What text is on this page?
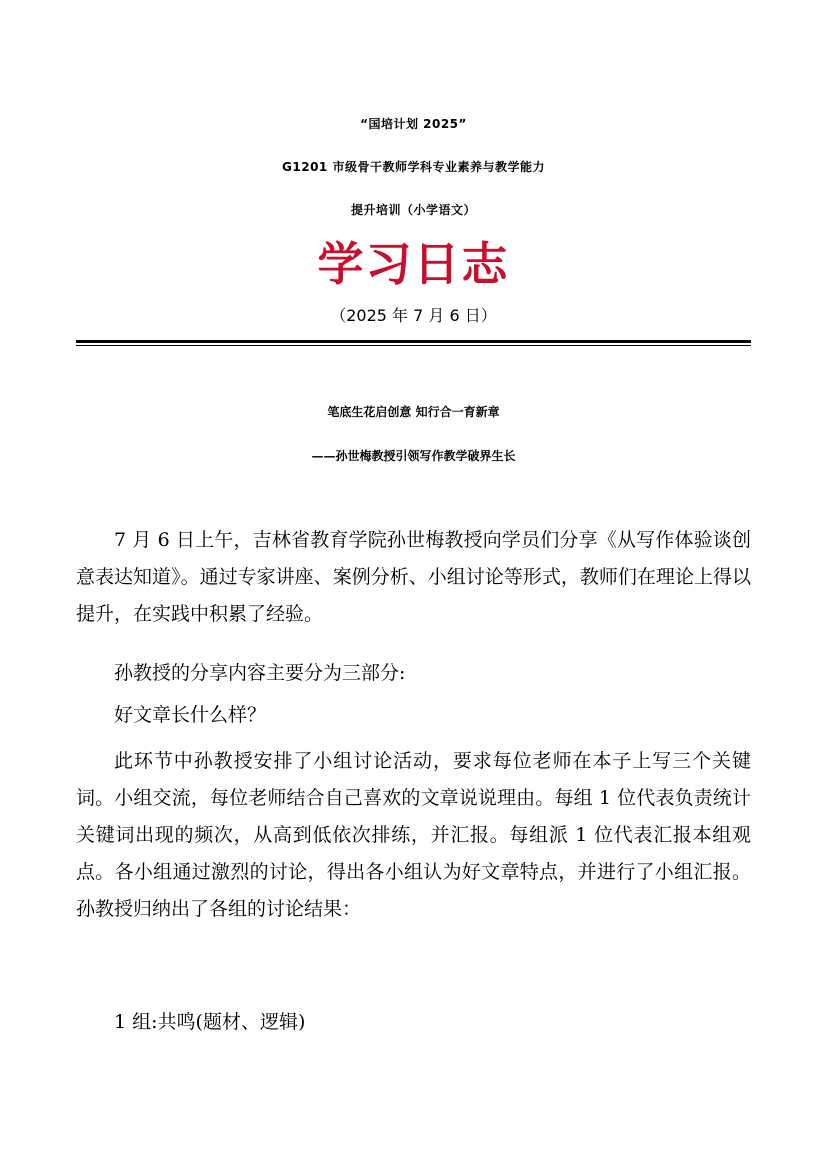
“国培计划 2025”
G1201 市级骨干教师学科专业素养与教学能力
提升培训（小学语文）
学习日志
（2025 年 7 月 6 日）
笔底生花启创意 知行合一育新章
——孙世梅教授引领写作教学破界生长

7 月 6 日上午，吉林省教育学院孙世梅教授向学员们分享《从写作体验谈创意表达知道》。通过专家讲座、案例分析、小组讨论等形式，教师们在理论上得以提升，在实践中积累了经验。

孙教授的分享内容主要分为三部分:

好文章长什么样？

此环节中孙教授安排了小组讨论活动，要求每位老师在本子上写三个关键词。小组交流，每位老师结合自己喜欢的文章说说理由。每组 1 位代表负责统计关键词出现的频次，从高到低依次排练，并汇报。每组派 1 位代表汇报本组观点。各小组通过激烈的讨论，得出各小组认为好文章特点，并进行了小组汇报。孙教授归纳出了各组的讨论结果：

1 组:共鸣(题材、逻辑)
